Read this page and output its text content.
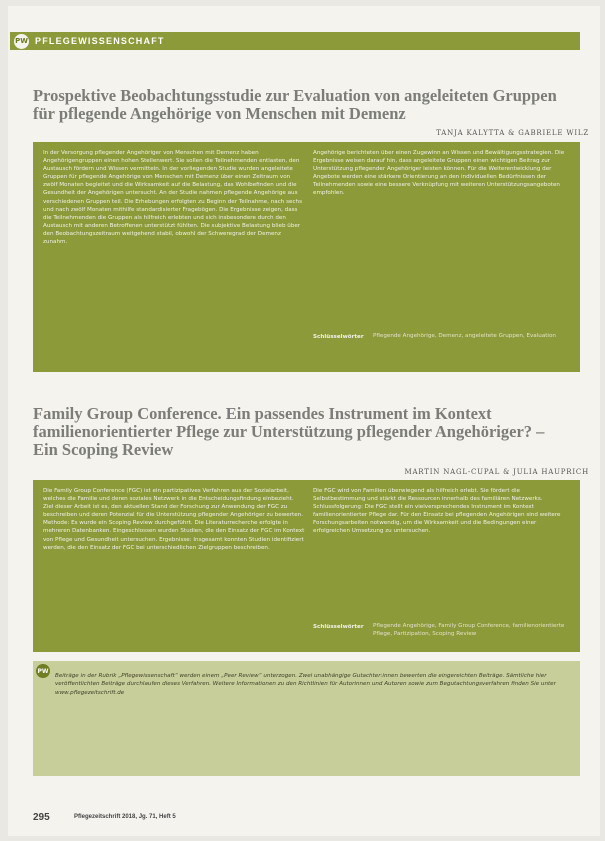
PW PFLEGEWISSENSCHAFT
Prospektive Beobachtungsstudie zur Evaluation von angeleiteten Gruppen für pflegende Angehörige von Menschen mit Demenz
TANJA KALYTTA & GABRIELE WILZ
In der Versorgung pflegender Angehöriger von Menschen mit Demenz haben Angehörigengruppen einen hohen Stellenwert. Sie sollen die Teilnehmenden entlasten, den Austausch fördern und Wissen vermitteln. In der vorliegenden Studie wurden angeleitete Gruppen für pflegende Angehörige von Menschen mit Demenz über einen Zeitraum von zwölf Monaten begleitet und die Wirksamkeit auf die Belastung, das Wohlbefinden und die Gesundheit der Angehörigen untersucht. An der Studie nahmen pflegende Angehörige aus verschiedenen Gruppen teil. Die Erhebungen erfolgten zu Beginn der Teilnahme, nach sechs und nach zwölf Monaten mithilfe standardisierter Fragebögen. Die Ergebnisse zeigen, dass die Teilnehmenden die Gruppen als hilfreich erlebten und sich insbesondere durch den Austausch mit anderen Betroffenen unterstützt fühlten. Die subjektive Belastung blieb über den Beobachtungszeitraum weitgehend stabil, obwohl der Schweregrad der Demenz zunahm.
Angehörige berichteten über einen Zugewinn an Wissen und Bewältigungsstrategien. Die Ergebnisse weisen darauf hin, dass angeleitete Gruppen einen wichtigen Beitrag zur Unterstützung pflegender Angehöriger leisten können. Für die Weiterentwicklung der Angebote werden eine stärkere Orientierung an den individuellen Bedürfnissen der Teilnehmenden sowie eine bessere Verknüpfung mit weiteren Unterstützungsangeboten empfohlen.
Schlüsselwörter Pflegende Angehörige, Demenz, angeleitete Gruppen, Evaluation
Family Group Conference. Ein passendes Instrument im Kontext familienorientierter Pflege zur Unterstützung pflegender Angehöriger? – Ein Scoping Review
MARTIN NAGL-CUPAL & JULIA HAUPRICH
Die Family Group Conference (FGC) ist ein partizipatives Verfahren aus der Sozialarbeit, welches die Familie und deren soziales Netzwerk in die Entscheidungsfindung einbezieht. Ziel dieser Arbeit ist es, den aktuellen Stand der Forschung zur Anwendung der FGC zu beschreiben und deren Potenzial für die Unterstützung pflegender Angehöriger zu bewerten. Methode: Es wurde ein Scoping Review durchgeführt. Die Literaturrecherche erfolgte in mehreren Datenbanken. Eingeschlossen wurden Studien, die den Einsatz der FGC im Kontext von Pflege und Gesundheit untersuchen. Ergebnisse: Insgesamt konnten Studien identifiziert werden, die den Einsatz der FGC bei unterschiedlichen Zielgruppen beschreiben.
Die FGC wird von Familien überwiegend als hilfreich erlebt. Sie fördert die Selbstbestimmung und stärkt die Ressourcen innerhalb des familiären Netzwerks. Schlussfolgerung: Die FGC stellt ein vielversprechendes Instrument im Kontext familienorientierter Pflege dar. Für den Einsatz bei pflegenden Angehörigen sind weitere Forschungsarbeiten notwendig, um die Wirksamkeit und die Bedingungen einer erfolgreichen Umsetzung zu untersuchen.
Schlüsselwörter Pflegende Angehörige, Family Group Conference, familienorientierte Pflege, Partizipation, Scoping Review
PW
Beiträge in der Rubrik „Pflegewissenschaft“ werden einem „Peer Review“ unterzogen. Zwei unabhängige Gutachter:innen bewerten die eingereichten Beiträge. Sämtliche hier veröffentlichten Beiträge durchlaufen dieses Verfahren. Weitere Informationen zu den Richtlinien für Autorinnen und Autoren sowie zum Begutachtungsverfahren finden Sie unter www.pflegezeitschrift.de
295	Pflegezeitschrift 2018, Jg. 71, Heft 5
